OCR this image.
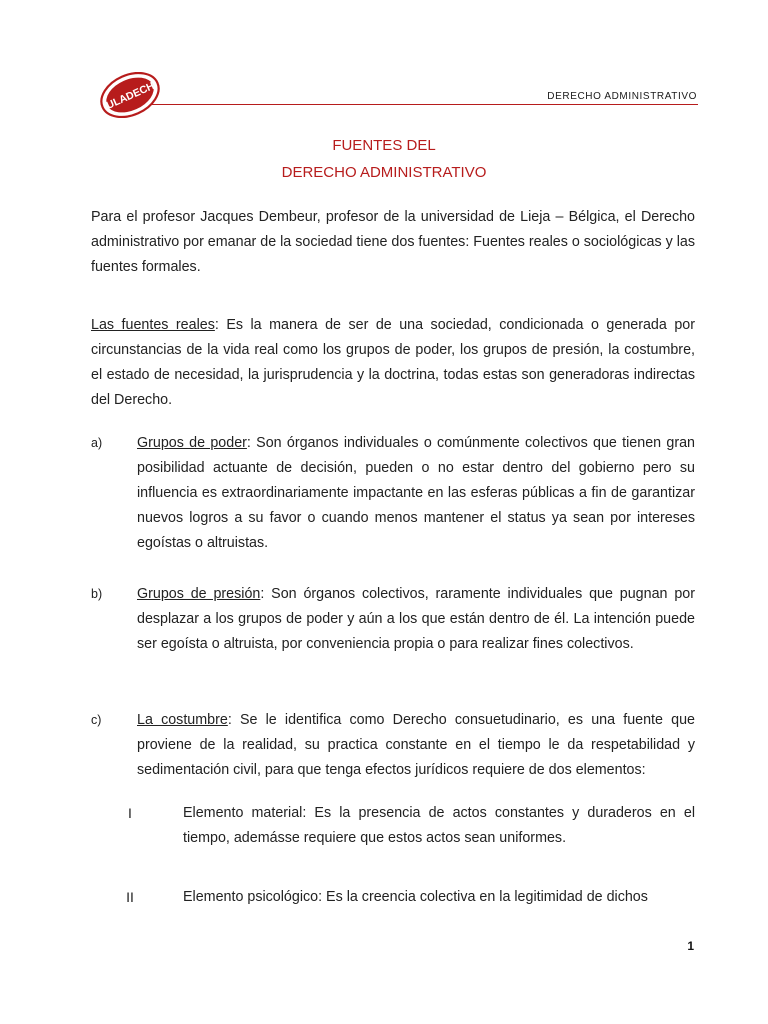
ULADECH	DERECHO ADMINISTRATIVO
FUENTES DEL
DERECHO ADMINISTRATIVO

Para el profesor Jacques Dembeur, profesor de la universidad de Lieja – Bélgica, el Derecho administrativo por emanar de la sociedad tiene dos fuentes: Fuentes reales o sociológicas y las fuentes formales.

Las fuentes reales: Es la manera de ser de una sociedad, condicionada o generada por circunstancias de la vida real como los grupos de poder, los grupos de presión, la costumbre, el estado de necesidad, la jurisprudencia y la doctrina, todas estas son generadoras indirectas del Derecho.

a) Grupos de poder: Son órganos individuales o comúnmente colectivos que tienen gran posibilidad actuante de decisión, pueden o no estar dentro del gobierno pero su influencia es extraordinariamente impactante en las esferas públicas a fin de garantizar nuevos logros a su favor o cuando menos mantener el status ya sean por intereses egoístas o altruistas.
b) Grupos de presión: Son órganos colectivos, raramente individuales que pugnan por desplazar a los grupos de poder y aún a los que están dentro de él. La intención puede ser egoísta o altruista, por conveniencia propia o para realizar fines colectivos.
c) La costumbre: Se le identifica como Derecho consuetudinario, es una fuente que proviene de la realidad, su practica constante en el tiempo le da respetabilidad y sedimentación civil, para que tenga efectos jurídicos requiere de dos elementos:
I	Elemento material: Es la presencia de actos constantes y duraderos en el tiempo, ademásse requiere que estos actos sean uniformes.
II	Elemento psicológico: Es la creencia colectiva en la legitimidad de dichos
1
